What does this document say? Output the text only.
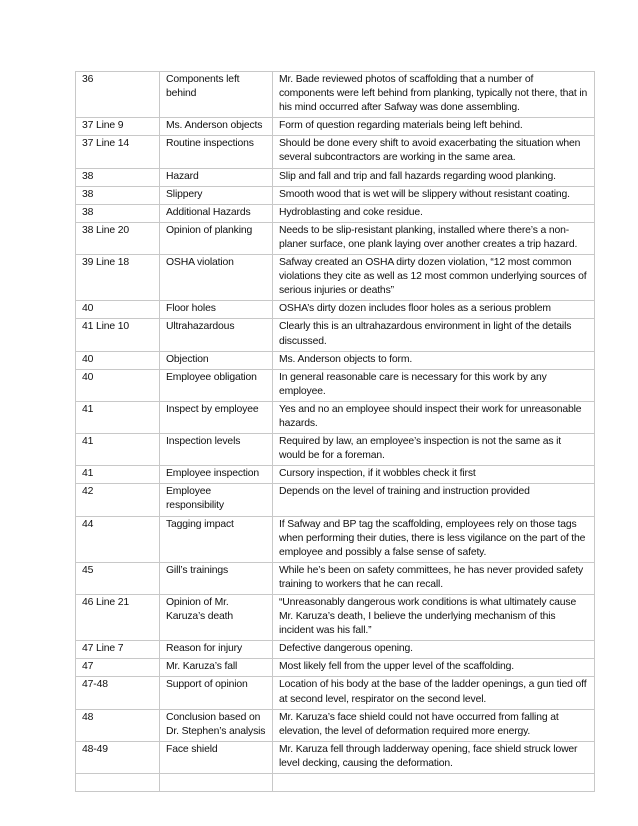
36	Components left behind	Mr. Bade reviewed photos of scaffolding that a number of components were left behind from planking, typically not there, that in his mind occurred after Safway was done assembling.
37 Line 9	Ms. Anderson objects	Form of question regarding materials being left behind.
37 Line 14	Routine inspections	Should be done every shift to avoid exacerbating the situation when several subcontractors are working in the same area.
38	Hazard	Slip and fall and trip and fall hazards regarding wood planking.
38	Slippery	Smooth wood that is wet will be slippery without resistant coating.
38	Additional Hazards	Hydroblasting and coke residue.
38 Line 20	Opinion of planking	Needs to be slip-resistant planking, installed where there’s a non-planer surface, one plank laying over another creates a trip hazard.
39 Line 18	OSHA violation	Safway created an OSHA dirty dozen violation, “12 most common violations they cite as well as 12 most common underlying sources of serious injuries or deaths”
40	Floor holes	OSHA’s dirty dozen includes floor holes as a serious problem
41 Line 10	Ultrahazardous	Clearly this is an ultrahazardous environment in light of the details discussed.
40	Objection	Ms. Anderson objects to form.
40	Employee obligation	In general reasonable care is necessary for this work by any employee.
41	Inspect by employee	Yes and no an employee should inspect their work for unreasonable hazards.
41	Inspection levels	Required by law, an employee’s inspection is not the same as it would be for a foreman.
41	Employee inspection	Cursory inspection, if it wobbles check it first
42	Employee responsibility	Depends on the level of training and instruction provided
44	Tagging impact	If Safway and BP tag the scaffolding, employees rely on those tags when performing their duties, there is less vigilance on the part of the employee and possibly a false sense of safety.
45	Gill’s trainings	While he’s been on safety committees, he has never provided safety training to workers that he can recall.
46 Line 21	Opinion of Mr. Karuza’s death	“Unreasonably dangerous work conditions is what ultimately cause Mr. Karuza’s death, I believe the underlying mechanism of this incident was his fall.”
47 Line 7	Reason for injury	Defective dangerous opening.
47	Mr. Karuza’s fall	Most likely fell from the upper level of the scaffolding.
47-48	Support of opinion	Location of his body at the base of the ladder openings, a gun tied off at second level, respirator on the second level.
48	Conclusion based on Dr. Stephen’s analysis	Mr. Karuza’s face shield could not have occurred from falling at elevation, the level of deformation required more energy.
48-49	Face shield	Mr. Karuza fell through ladderway opening, face shield struck lower level decking, causing the deformation.
